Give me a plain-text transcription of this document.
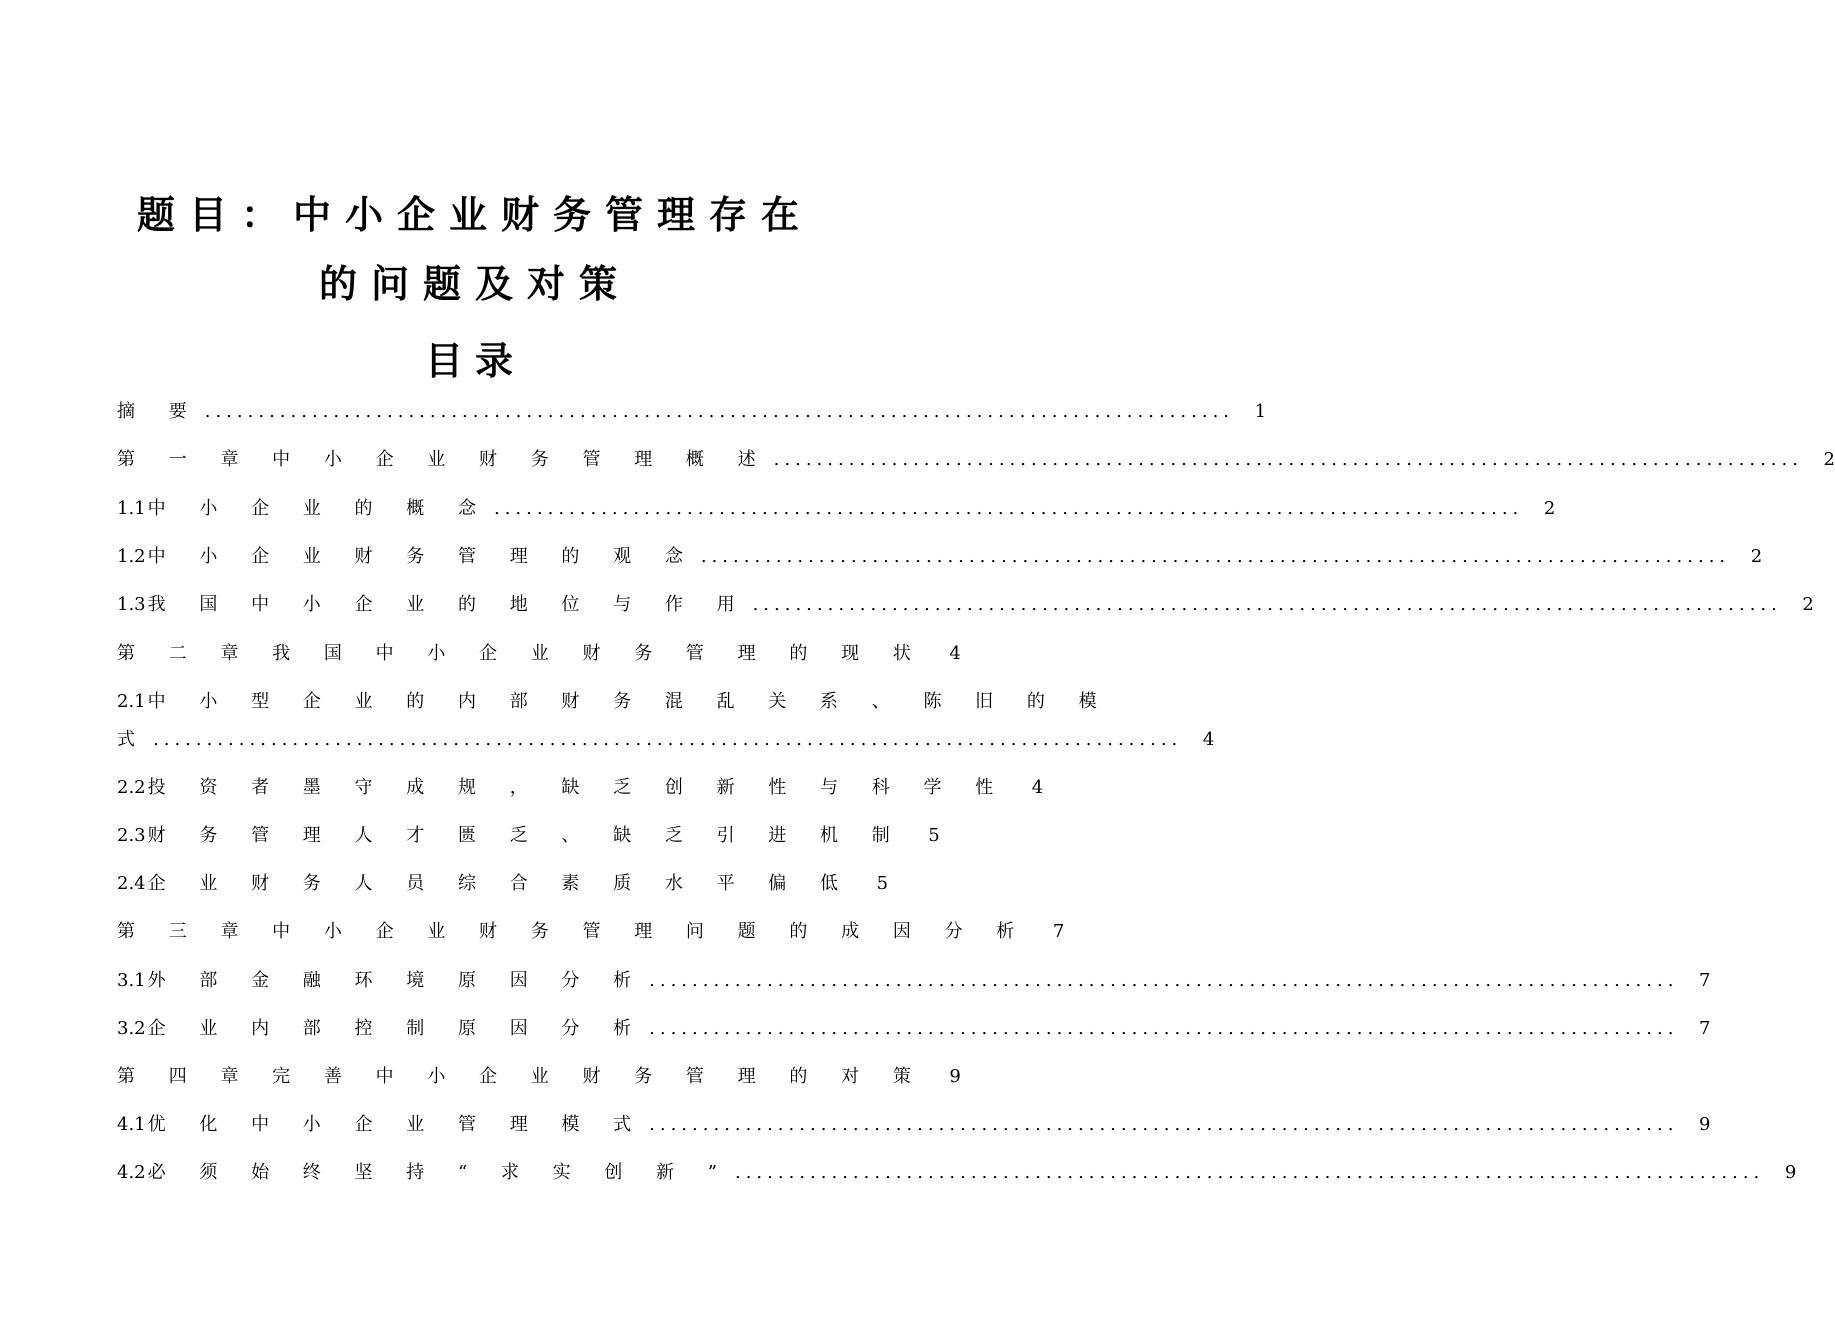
题目：中小企业财务管理存在
的问题及对策
目录
摘 要 ................................................................................................ 1
第 一 章 中 小 企 业 财 务 管 理 概 述 ................................................................................................ 2
1.1 中 小 企 业 的 概 念 ................................................................................................ 2
1.2 中 小 企 业 财 务 管 理 的 观 念 ................................................................................................ 2
1.3 我 国 中 小 企 业 的 地 位 与 作 用 ................................................................................................ 2
第 二 章 我 国 中 小 企 业 财 务 管 理 的 现 状 4
2.1 中 小 型 企 业 的 内 部 财 务 混 乱 关 系 、 陈 旧 的 模
式 ................................................................................................ 4
2.2 投 资 者 墨 守 成 规 ， 缺 乏 创 新 性 与 科 学 性 4
2.3 财 务 管 理 人 才 匮 乏 、 缺 乏 引 进 机 制 5
2.4 企 业 财 务 人 员 综 合 素 质 水 平 偏 低 5
第 三 章 中 小 企 业 财 务 管 理 问 题 的 成 因 分 析 7
3.1 外 部 金 融 环 境 原 因 分 析 ................................................................................................ 7
3.2 企 业 内 部 控 制 原 因 分 析 ................................................................................................ 7
第 四 章 完 善 中 小 企 业 财 务 管 理 的 对 策 9
4.1 优 化 中 小 企 业 管 理 模 式 ................................................................................................ 9
4.2 必 须 始 终 坚 持 “ 求 实 创 新 ” ................................................................................................ 9
